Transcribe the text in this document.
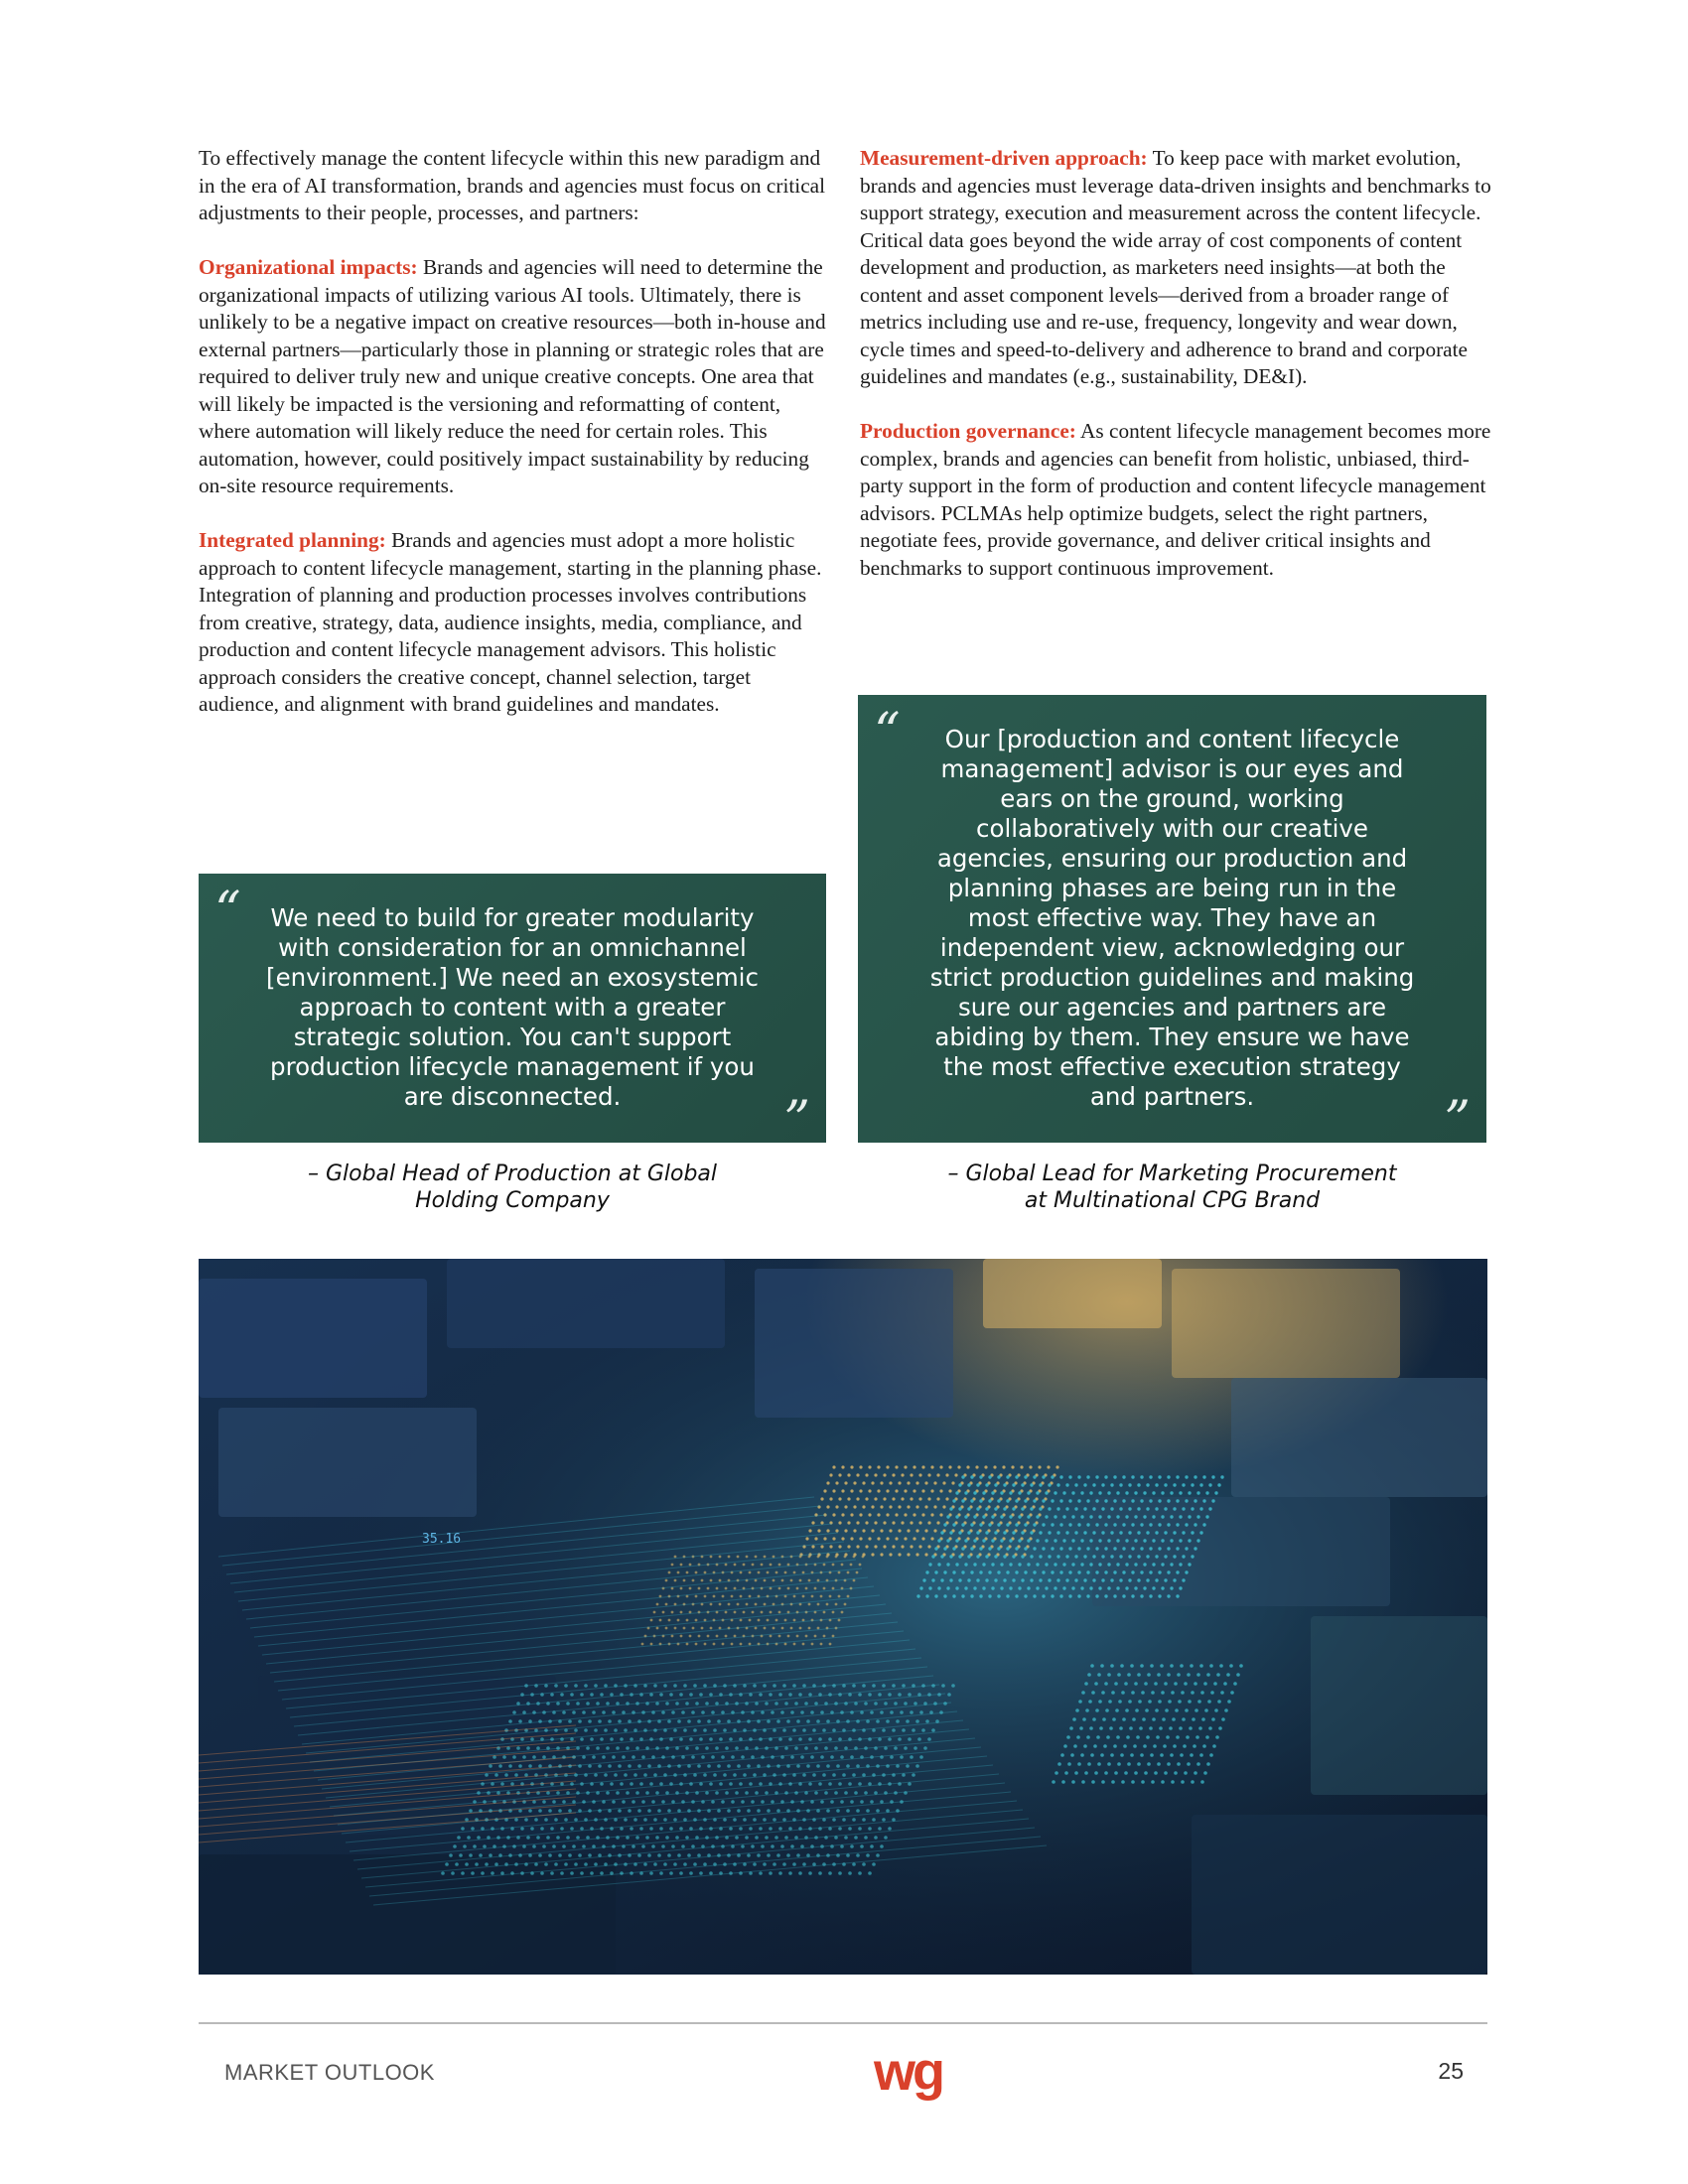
To effectively manage the content lifecycle within this new paradigm and in the era of AI transformation, brands and agencies must focus on critical adjustments to their people, processes, and partners:

Organizational impacts: Brands and agencies will need to determine the organizational impacts of utilizing various AI tools. Ultimately, there is unlikely to be a negative impact on creative resources—both in-house and external partners—particularly those in planning or strategic roles that are required to deliver truly new and unique creative concepts. One area that will likely be impacted is the versioning and reformatting of content, where automation will likely reduce the need for certain roles. This automation, however, could positively impact sustainability by reducing on-site resource requirements.

Integrated planning: Brands and agencies must adopt a more holistic approach to content lifecycle management, starting in the planning phase. Integration of planning and production processes involves contributions from creative, strategy, data, audience insights, media, compliance, and production and content lifecycle management advisors. This holistic approach considers the creative concept, channel selection, target audience, and alignment with brand guidelines and mandates.

Measurement-driven approach: To keep pace with market evolution, brands and agencies must leverage data-driven insights and benchmarks to support strategy, execution and measurement across the content lifecycle. Critical data goes beyond the wide array of cost components of content development and production, as marketers need insights—at both the content and asset component levels—derived from a broader range of metrics including use and re-use, frequency, longevity and wear down, cycle times and speed-to-delivery and adherence to brand and corporate guidelines and mandates (e.g., sustainability, DE&I).

Production governance: As content lifecycle management becomes more complex, brands and agencies can benefit from holistic, unbiased, third-party support in the form of production and content lifecycle management advisors. PCLMAs help optimize budgets, select the right partners, negotiate fees, provide governance, and deliver critical insights and benchmarks to support continuous improvement.

“	We need to build for greater modularity with consideration for an omnichannel [environment.] We need an exosystemic approach to content with a greater strategic solution. You can't support production lifecycle management if you are disconnected.	”
– Global Head of Production at Global
Holding Company
“	Our [production and content lifecycle management] advisor is our eyes and ears on the ground, working collaboratively with our creative agencies, ensuring our production and planning phases are being run in the most effective way. They have an independent view, acknowledging our strict production guidelines and making sure our agencies and partners are abiding by them. They ensure we have the most effective execution strategy and partners.	”
– Global Lead for Marketing Procurement
at Multinational CPG Brand
35.16
MARKET OUTLOOK	wg	25
